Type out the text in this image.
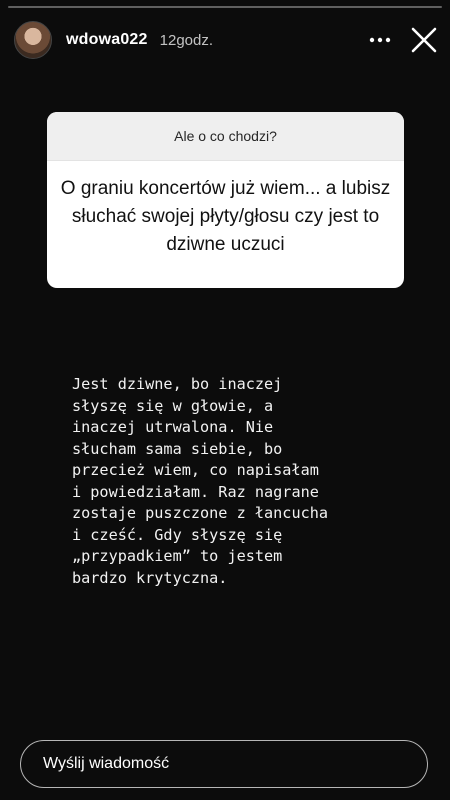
wdowa022 12godz.
Ale o co chodzi?
O graniu koncertów już wiem... a lubisz słuchać swojej płyty/głosu czy jest to dziwne uczuci

Jest dziwne, bo inaczej
słyszę się w głowie, a
inaczej utrwalona. Nie
słucham sama siebie, bo
przecież wiem, co napisałam
i powiedziałam. Raz nagrane
zostaje puszczone z łancucha
i cześć. Gdy słyszę się
„przypadkiem” to jestem
bardzo krytyczna.

Wyślij wiadomość
